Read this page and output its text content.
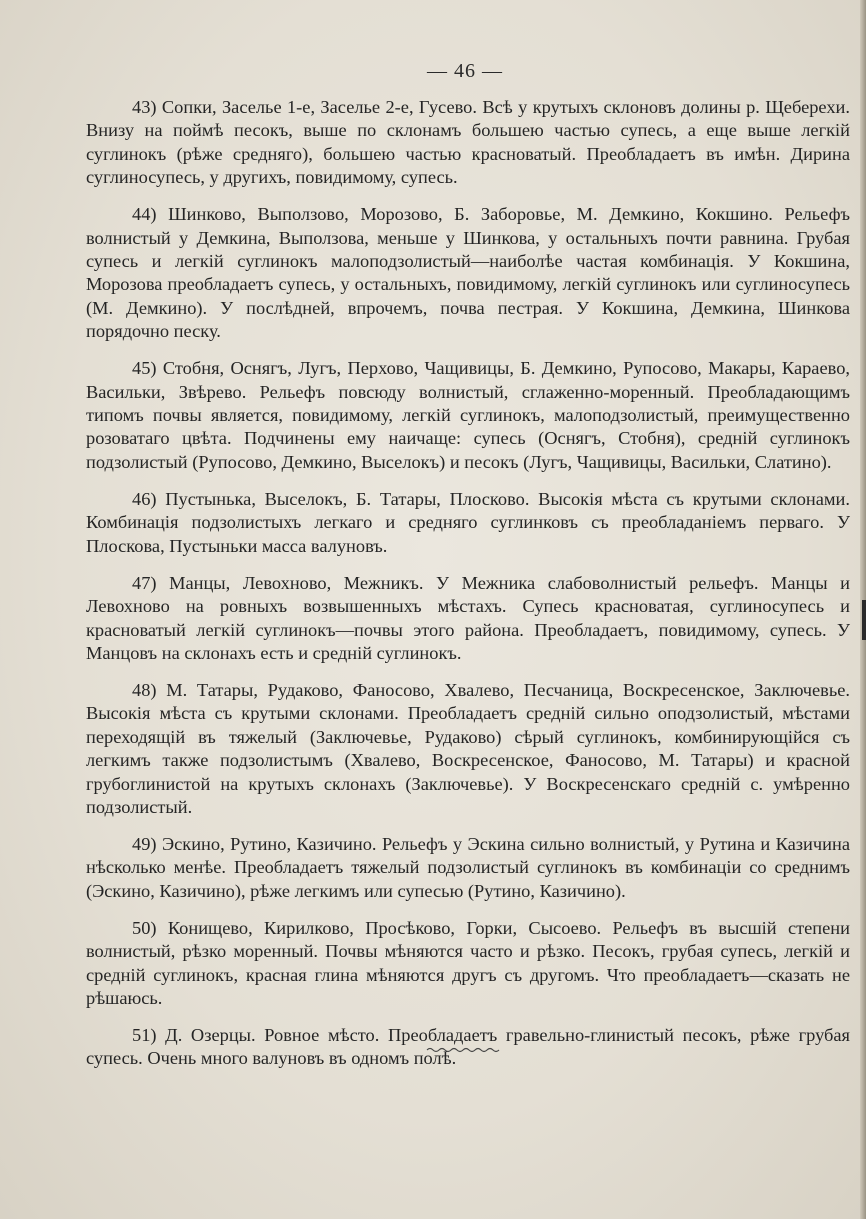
— 46 —

43) Сопки, Заселье 1-е, Заселье 2-е, Гусево. Всѣ у крутыхъ склоновъ долины р. Щеберехи. Внизу на поймѣ песокъ, выше по склонамъ большею частью супесь, а еще выше легкій суглинокъ (рѣже средняго), большею частью красноватый. Преобладаетъ въ имѣн. Дирина суглиносупесь, у другихъ, повидимому, супесь.

44) Шинково, Выползово, Морозово, Б. Заборовье, М. Демкино, Кокшино. Рельефъ волнистый у Демкина, Выползова, меньше у Шинкова, у остальныхъ почти равнина. Грубая супесь и легкій суглинокъ малоподзолистый—наиболѣе частая комбинація. У Кокшина, Морозова преобладаетъ супесь, у остальныхъ, повидимому, легкій суглинокъ или суглиносупесь (М. Демкино). У послѣдней, впрочемъ, почва пестрая. У Кокшина, Демкина, Шинкова порядочно песку.

45) Стобня, Оснягъ, Лугъ, Перхово, Чащивицы, Б. Демкино, Рупосово, Макары, Караево, Васильки, Звѣрево. Рельефъ повсюду волнистый, сглаженно-моренный. Преобладающимъ типомъ почвы является, повидимому, легкій суглинокъ, малоподзолистый, преимущественно розоватаго цвѣта. Подчинены ему наичаще: супесь (Оснягъ, Стобня), средній суглинокъ подзолистый (Рупосово, Демкино, Выселокъ) и песокъ (Лугъ, Чащивицы, Васильки, Слатино).

46) Пустынька, Выселокъ, Б. Татары, Плосково. Высокія мѣста съ крутыми склонами. Комбинація подзолистыхъ легкаго и средняго суглинковъ съ преобладаніемъ перваго. У Плоскова, Пустыньки масса валуновъ.

47) Манцы, Левохново, Межникъ. У Межника слабоволнистый рельефъ. Манцы и Левохново на ровныхъ возвышенныхъ мѣстахъ. Супесь красноватая, суглиносупесь и красноватый легкій суглинокъ—почвы этого района. Преобладаетъ, повидимому, супесь. У Манцовъ на склонахъ есть и средній суглинокъ.

48) М. Татары, Рудаково, Фаносово, Хвалево, Песчаница, Воскресенское, Заключевье. Высокія мѣста съ крутыми склонами. Преобладаетъ средній сильно оподзолистый, мѣстами переходящій въ тяжелый (Заключевье, Рудаково) сѣрый суглинокъ, комбинирующійся съ легкимъ также подзолистымъ (Хвалево, Воскресенское, Фаносово, М. Татары) и красной грубоглинистой на крутыхъ склонахъ (Заключевье). У Воскресенскаго средній с. умѣренно подзолистый.

49) Эскино, Рутино, Казичино. Рельефъ у Эскина сильно волнистый, у Рутина и Казичина нѣсколько менѣе. Преобладаетъ тяжелый подзолистый суглинокъ въ комбинаціи со среднимъ (Эскино, Казичино), рѣже легкимъ или супесью (Рутино, Казичино).

50) Конищево, Кирилково, Просѣково, Горки, Сысоево. Рельефъ въ высшій степени волнистый, рѣзко моренный. Почвы мѣняются часто и рѣзко. Песокъ, грубая супесь, легкій и средній суглинокъ, красная глина мѣняются другъ съ другомъ. Что преобладаетъ—сказать не рѣшаюсь.

51) Д. Озерцы. Ровное мѣсто. Преобладаетъ гравельно-глинистый песокъ, рѣже грубая супесь. Очень много валуновъ въ одномъ полѣ.
